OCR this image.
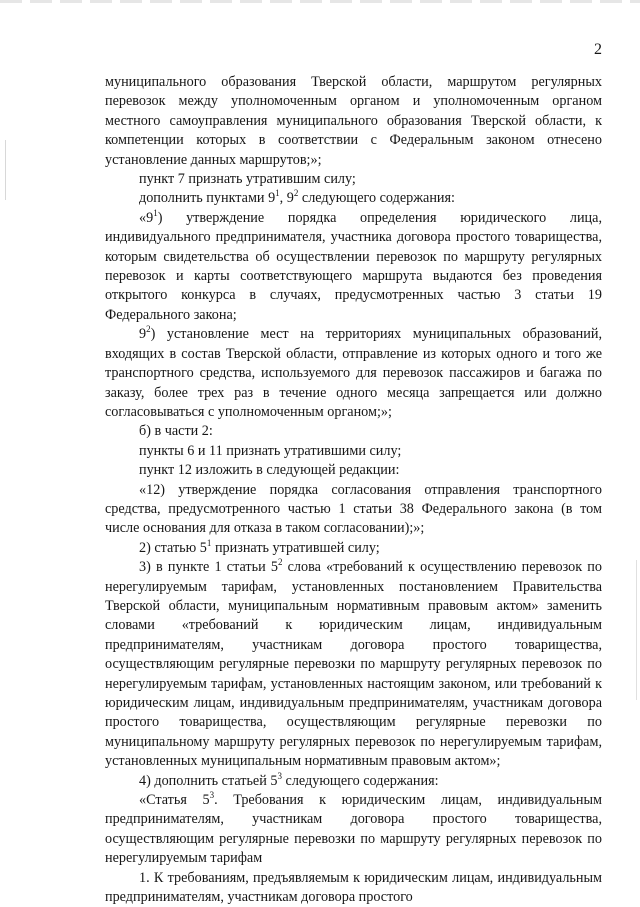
2

муниципального образования Тверской области, маршрутом регулярных перевозок между уполномоченным органом и уполномоченным органом местного самоуправления муниципального образования Тверской области, к компетенции которых в соответствии с Федеральным законом отнесено установление данных маршрутов;»;

пункт 7 признать утратившим силу;

дополнить пунктами $9^1$, $9^2$ следующего содержания:

«$9^1$) утверждение порядка определения юридического лица, индивидуального предпринимателя, участника договора простого товарищества, которым свидетельства об осуществлении перевозок по маршруту регулярных перевозок и карты соответствующего маршрута выдаются без проведения открытого конкурса в случаях, предусмотренных частью 3 статьи 19 Федерального закона;

$9^2$) установление мест на территориях муниципальных образований, входящих в состав Тверской области, отправление из которых одного и того же транспортного средства, используемого для перевозок пассажиров и багажа по заказу, более трех раз в течение одного месяца запрещается или должно согласовываться с уполномоченным органом;»;

б) в части 2:

пункты 6 и 11 признать утратившими силу;

пункт 12 изложить в следующей редакции:

«12) утверждение порядка согласования отправления транспортного средства, предусмотренного частью 1 статьи 38 Федерального закона (в том числе основания для отказа в таком согласовании);»;

2) статью $5^1$ признать утратившей силу;

3) в пункте 1 статьи $5^2$ слова «требований к осуществлению перевозок по нерегулируемым тарифам, установленных постановлением Правительства Тверской области, муниципальным нормативным правовым актом» заменить словами «требований к юридическим лицам, индивидуальным предпринимателям, участникам договора простого товарищества, осуществляющим регулярные перевозки по маршруту регулярных перевозок по нерегулируемым тарифам, установленных настоящим законом, или требований к юридическим лицам, индивидуальным предпринимателям, участникам договора простого товарищества, осуществляющим регулярные перевозки по муниципальному маршруту регулярных перевозок по нерегулируемым тарифам, установленных муниципальным нормативным правовым актом»;

4) дополнить статьей $5^3$ следующего содержания:

«Статья $5^3$. Требования к юридическим лицам, индивидуальным предпринимателям, участникам договора простого товарищества, осуществляющим регулярные перевозки по маршруту регулярных перевозок по нерегулируемым тарифам

1. К требованиям, предъявляемым к юридическим лицам, индивидуальным предпринимателям, участникам договора простого
